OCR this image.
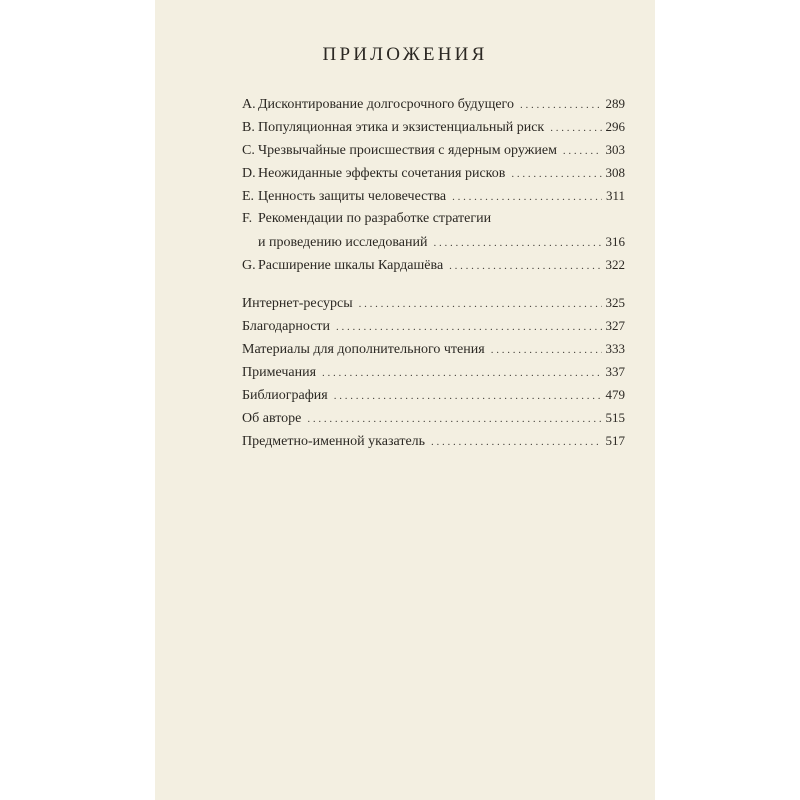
ПРИЛОЖЕНИЯ
A. Дисконтирование долгосрочного будущего . . .	289
B. Популяционная этика и экзистенциальный риск . . .	296
C. Чрезвычайные происшествия с ядерным оружием . . .	303
D. Неожиданные эффекты сочетания рисков . . .	308
E. Ценность защиты человечества . . .	311
F. Рекомендации по разработке стратегии
и проведению исследований . . .	316
G. Расширение шкалы Кардашёва . . .	322
Интернет-ресурсы . . .	325
Благодарности . . .	327
Материалы для дополнительного чтения . . .	333
Примечания . . .	337
Библиография . . .	479
Об авторе . . .	515
Предметно-именной указатель . . .	517
